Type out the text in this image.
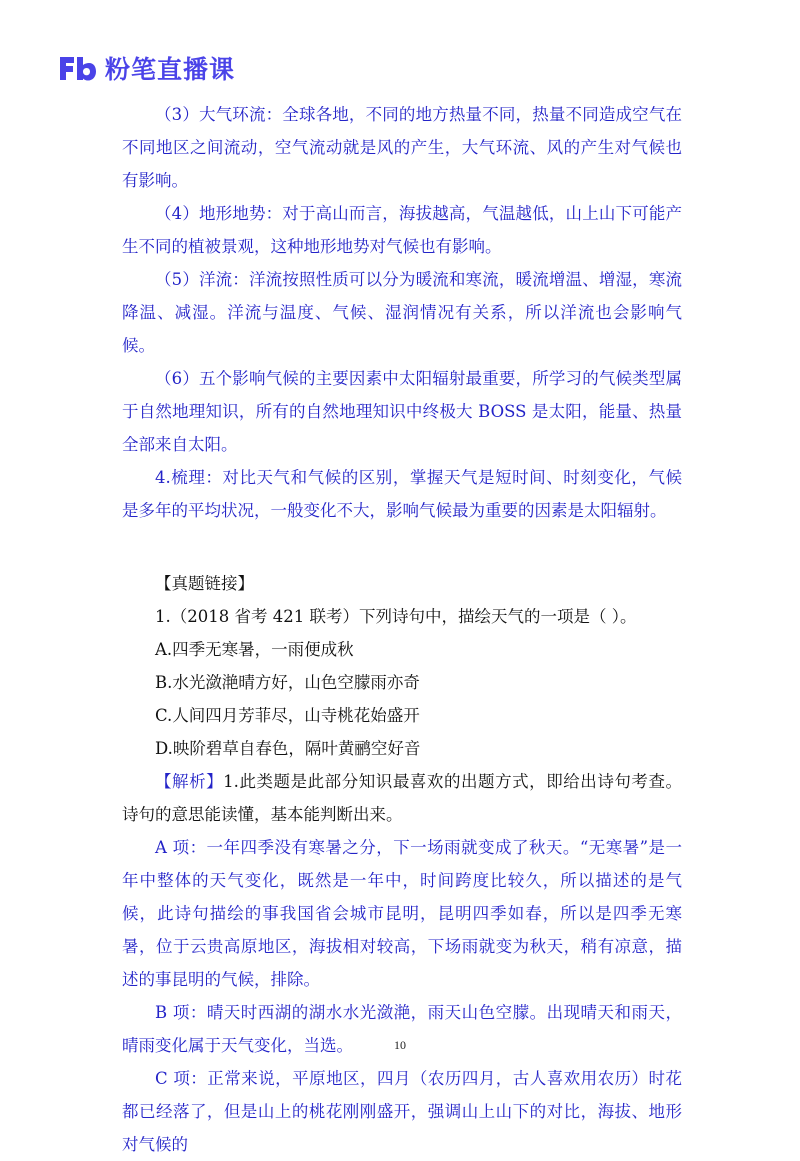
粉笔直播课

（3）大气环流：全球各地，不同的地方热量不同，热量不同造成空气在不同地区之间流动，空气流动就是风的产生，大气环流、风的产生对气候也有影响。

（4）地形地势：对于高山而言，海拔越高，气温越低，山上山下可能产生不同的植被景观，这种地形地势对气候也有影响。

（5）洋流：洋流按照性质可以分为暖流和寒流，暖流增温、增湿，寒流降温、减湿。洋流与温度、气候、湿润情况有关系，所以洋流也会影响气候。

（6）五个影响气候的主要因素中太阳辐射最重要，所学习的气候类型属于自然地理知识，所有的自然地理知识中终极大 BOSS 是太阳，能量、热量全部来自太阳。

4.梳理：对比天气和气候的区别，掌握天气是短时间、时刻变化，气候是多年的平均状况，一般变化不大，影响气候最为重要的因素是太阳辐射。

【真题链接】

1.（2018 省考 421 联考）下列诗句中，描绘天气的一项是（ ）。

A.四季无寒暑，一雨便成秋

B.水光潋滟晴方好，山色空朦雨亦奇

C.人间四月芳菲尽，山寺桃花始盛开

D.映阶碧草自春色，隔叶黄鹂空好音

【解析】1.此类题是此部分知识最喜欢的出题方式，即给出诗句考查。诗句的意思能读懂，基本能判断出来。

A 项：一年四季没有寒暑之分，下一场雨就变成了秋天。“无寒暑”是一年中整体的天气变化，既然是一年中，时间跨度比较久，所以描述的是气候，此诗句描绘的事我国省会城市昆明，昆明四季如春，所以是四季无寒暑，位于云贵高原地区，海拔相对较高，下场雨就变为秋天，稍有凉意，描述的事昆明的气候，排除。

B 项：晴天时西湖的湖水水光潋滟，雨天山色空朦。出现晴天和雨天，晴雨变化属于天气变化，当选。

C 项：正常来说，平原地区，四月（农历四月，古人喜欢用农历）时花都已经落了，但是山上的桃花刚刚盛开，强调山上山下的对比，海拔、地形对气候的

10
